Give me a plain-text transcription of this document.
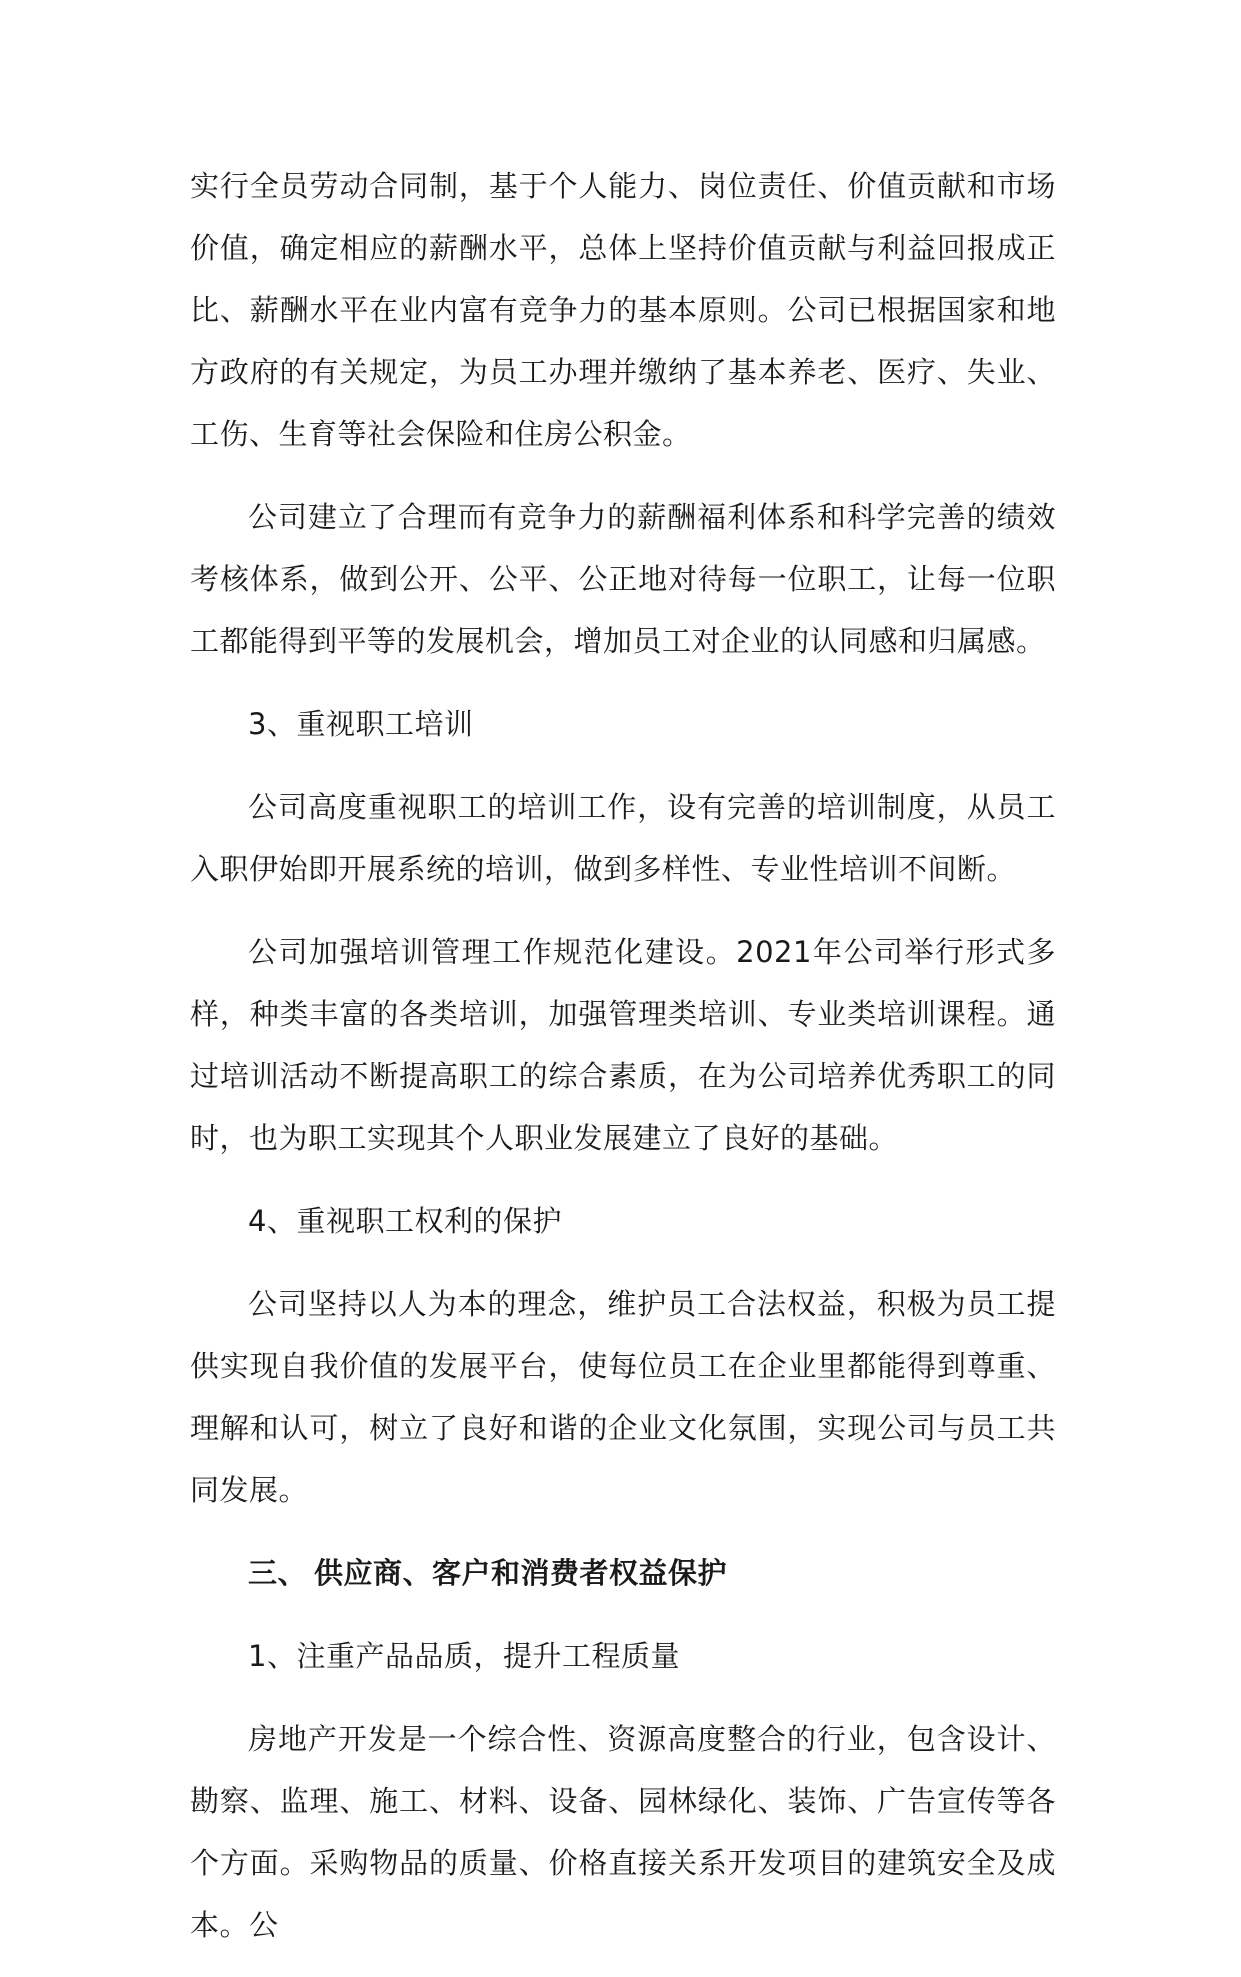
实行全员劳动合同制，基于个人能力、岗位责任、价值贡献和市场价值，确定相应的薪酬水平，总体上坚持价值贡献与利益回报成正比、薪酬水平在业内富有竞争力的基本原则。公司已根据国家和地方政府的有关规定，为员工办理并缴纳了基本养老、医疗、失业、工伤、生育等社会保险和住房公积金。

公司建立了合理而有竞争力的薪酬福利体系和科学完善的绩效考核体系，做到公开、公平、公正地对待每一位职工，让每一位职工都能得到平等的发展机会，增加员工对企业的认同感和归属感。

3、重视职工培训

公司高度重视职工的培训工作，设有完善的培训制度，从员工入职伊始即开展系统的培训，做到多样性、专业性培训不间断。

公司加强培训管理工作规范化建设。2021年公司举行形式多样，种类丰富的各类培训，加强管理类培训、专业类培训课程。通过培训活动不断提高职工的综合素质，在为公司培养优秀职工的同时，也为职工实现其个人职业发展建立了良好的基础。

4、重视职工权利的保护

公司坚持以人为本的理念，维护员工合法权益，积极为员工提供实现自我价值的发展平台，使每位员工在企业里都能得到尊重、理解和认可，树立了良好和谐的企业文化氛围，实现公司与员工共同发展。

三、 供应商、客户和消费者权益保护

1、注重产品品质，提升工程质量

房地产开发是一个综合性、资源高度整合的行业，包含设计、勘察、监理、施工、材料、设备、园林绿化、装饰、广告宣传等各个方面。采购物品的质量、价格直接关系开发项目的建筑安全及成本。公
